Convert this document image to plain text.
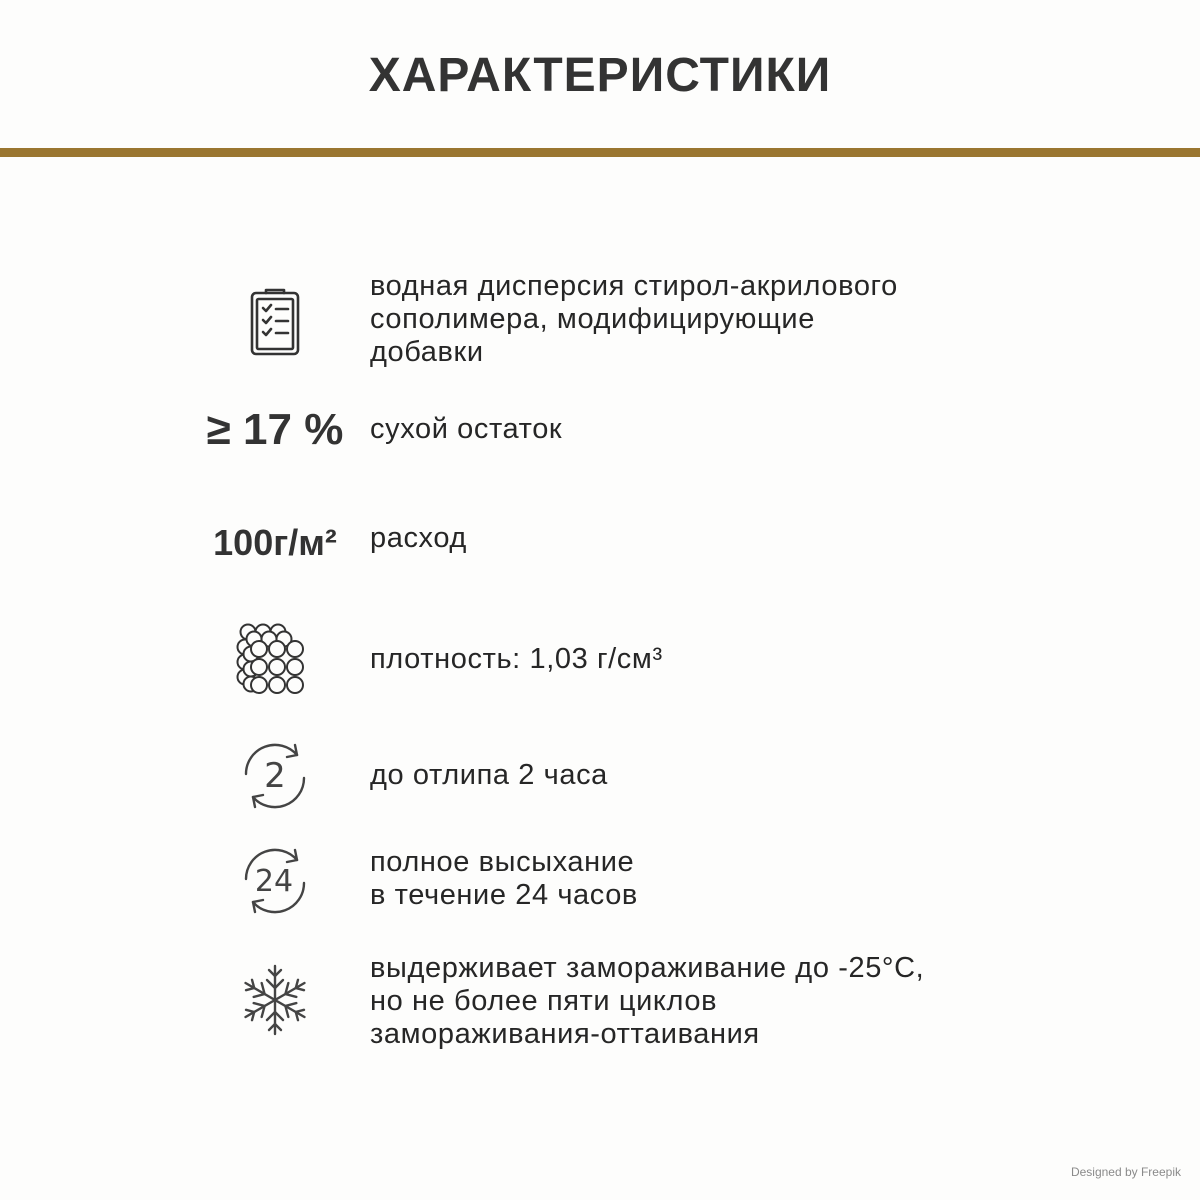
ХАРАКТЕРИСТИКИ
водная дисперсия стирол-акрилового
сополимера, модифицирующие
добавки
≥ 17 % сухой остаток
100г/м² расход
плотность: 1,03 г/см³
2	до отлипа 2 часа
24
полное высыхание
в течение 24 часов
выдерживает замораживание до -25°C,
но не более пяти циклов
замораживания-оттаивания
Designed by Freepik
